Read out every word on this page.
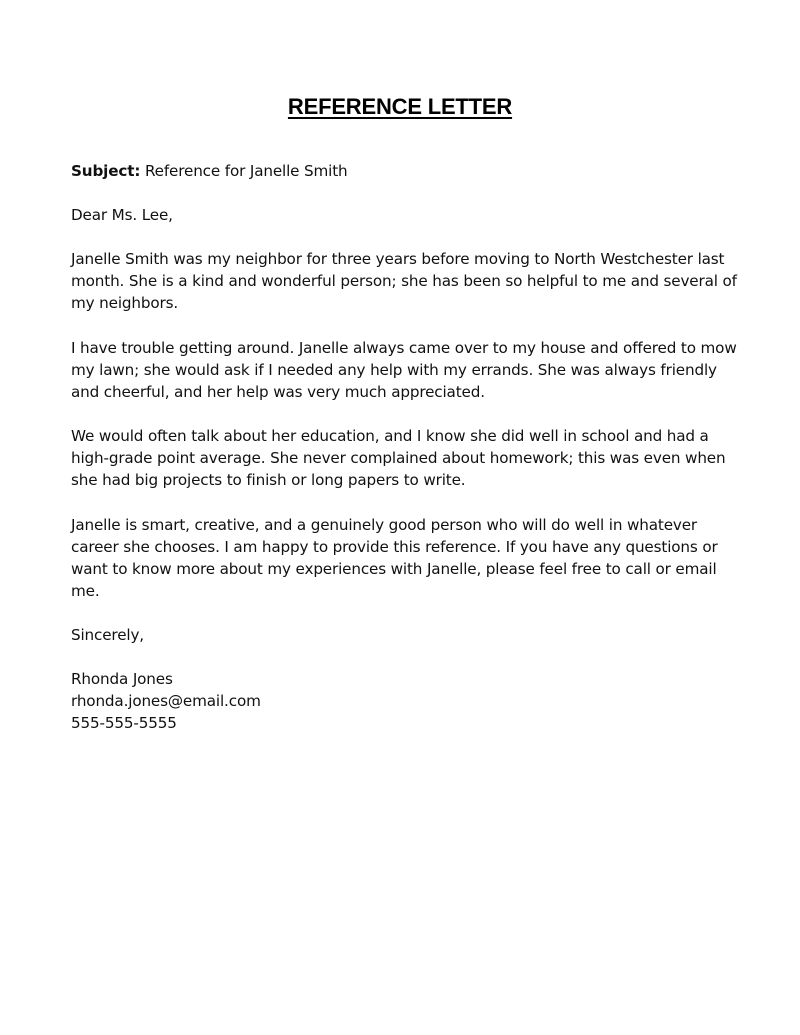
REFERENCE LETTER
Subject: Reference for Janelle Smith
Dear Ms. Lee,
Janelle Smith was my neighbor for three years before moving to North Westchester last month. She is a kind and wonderful person; she has been so helpful to me and several of my neighbors.
I have trouble getting around. Janelle always came over to my house and offered to mow my lawn; she would ask if I needed any help with my errands. She was always friendly and cheerful, and her help was very much appreciated.
We would often talk about her education, and I know she did well in school and had a high-grade point average. She never complained about homework; this was even when she had big projects to finish or long papers to write.
Janelle is smart, creative, and a genuinely good person who will do well in whatever career she chooses. I am happy to provide this reference. If you have any questions or want to know more about my experiences with Janelle, please feel free to call or email me.
Sincerely,
Rhonda Jones
rhonda.jones@email.com
555-555-5555
